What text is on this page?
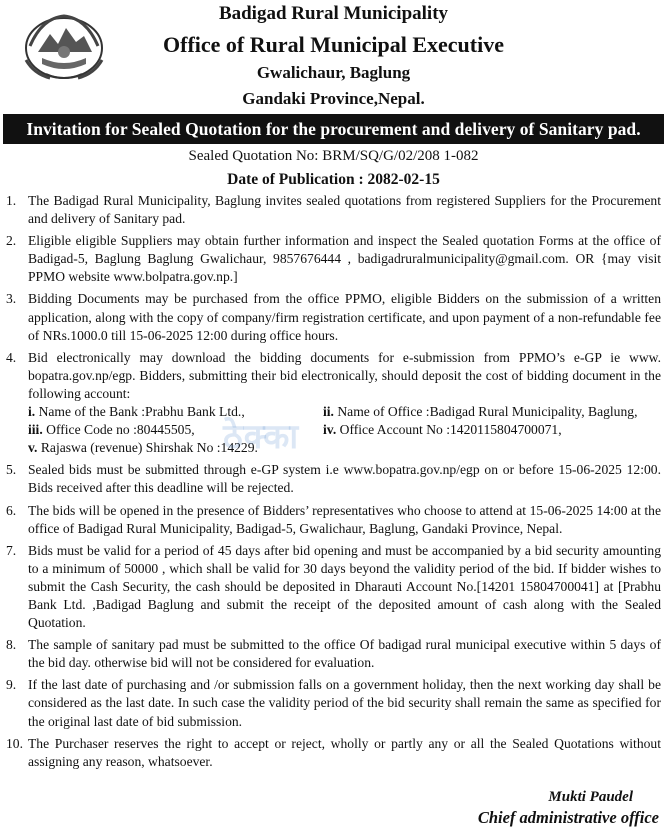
Badigad Rural Municipality
Office of Rural Municipal Executive
Gwalichaur, Baglung
Gandaki Province,Nepal.
Invitation for Sealed Quotation for the procurement and delivery of Sanitary pad.
Sealed Quotation No: BRM/SQ/G/02/208 1-082
Date of Publication : 2082-02-15
1. The Badigad Rural Municipality, Baglung invites sealed quotations from registered Suppliers for the Procurement and delivery of Sanitary pad.

2. Eligible eligible Suppliers may obtain further information and inspect the Sealed quotation Forms at the office of Badigad-5, Baglung Baglung Gwalichaur, 9857676444 , badigadruralmunicipality@gmail.com. OR {may visit PPMO website www.bolpatra.gov.np.]

3. Bidding Documents may be purchased from the office PPMO, eligible Bidders on the submission of a written application, along with the copy of company/firm registration certificate, and upon payment of a non-refundable fee of NRs.1000.0 till 15-06-2025 12:00 during office hours.

4. Bid electronically may download the bidding documents for e-submission from PPMO’s e-GP ie www. bopatra.gov.np/egp. Bidders, submitting their bid electronically, should deposit the cost of bidding document in the following account:

i. Name of the Bank :Prabhu Bank Ltd.,	ii. Name of Office :Badigad Rural Municipality, Baglung,
iii. Office Code no :80445505,	iv. Office Account No :1420115804700071,
v. Rajaswa (revenue) Shirshak No :14229.
5. Sealed bids must be submitted through e-GP system i.e www.bopatra.gov.np/egp on or before 15-06-2025 12:00. Bids received after this deadline will be rejected.

6. The bids will be opened in the presence of Bidders’ representatives who choose to attend at 15-06-2025 14:00 at the office of Badigad Rural Municipality, Badigad-5, Gwalichaur, Baglung, Gandaki Province, Nepal.

7. Bids must be valid for a period of 45 days after bid opening and must be accompanied by a bid security amounting to a minimum of 50000 , which shall be valid for 30 days beyond the validity period of the bid. If bidder wishes to submit the Cash Security, the cash should be deposited in Dharauti Account No.[14201 15804700041] at [Prabhu Bank Ltd. ,Badigad Baglung and submit the receipt of the deposited amount of cash along with the Sealed Quotation.

8. The sample of sanitary pad must be submitted to the office Of badigad rural municipal executive within 5 days of the bid day. otherwise bid will not be considered for evaluation.

9. If the last date of purchasing and /or submission falls on a government holiday, then the next working day shall be considered as the last date. In such case the validity period of the bid security shall remain the same as specified for the original last date of bid submission.

10. The Purchaser reserves the right to accept or reject, wholly or partly any or all the Sealed Quotations without assigning any reason, whatsoever.

ठेक्का
Mukti Paudel
Chief administrative office
